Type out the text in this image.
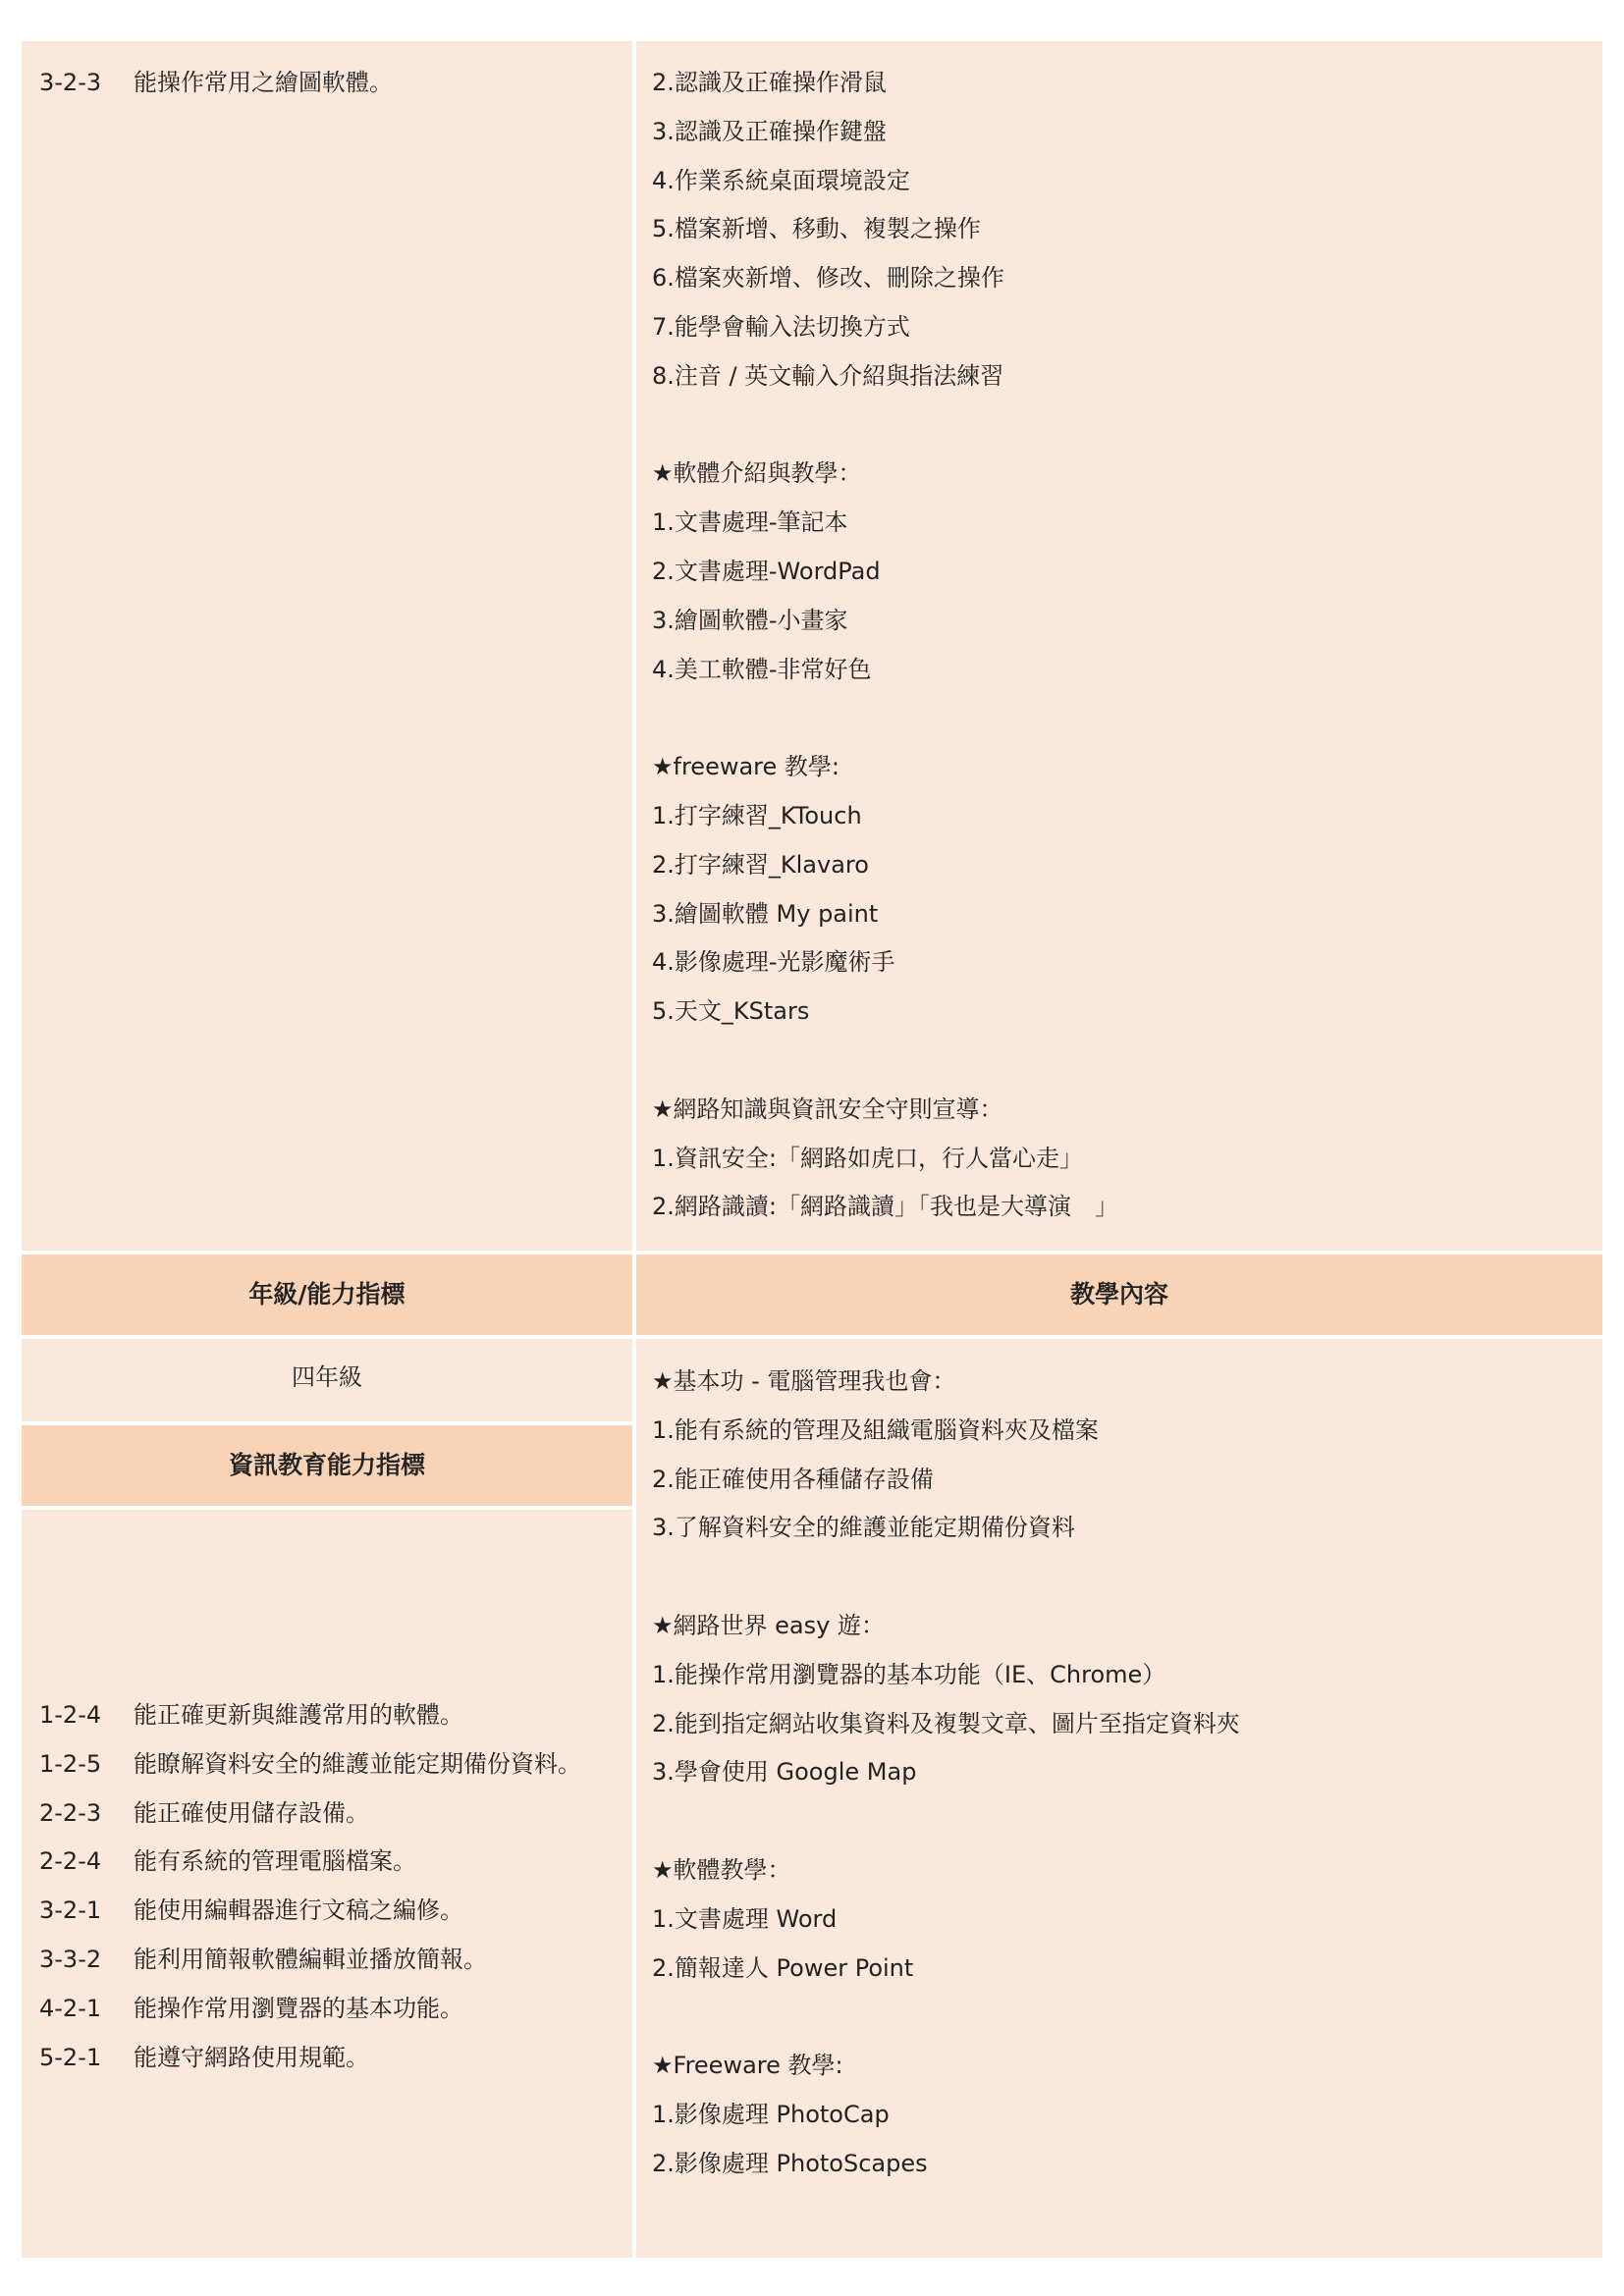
3-2-3 能操作常用之繪圖軟體。	2.認識及正確操作滑鼠
3.認識及正確操作鍵盤
4.作業系統桌面環境設定
5.檔案新增、移動、複製之操作
6.檔案夾新增、修改、刪除之操作
7.能學會輸入法切換方式
8.注音 / 英文輸入介紹與指法練習
★軟體介紹與教學：
1.文書處理-筆記本
2.文書處理-WordPad
3.繪圖軟體-小畫家
4.美工軟體-非常好色
★freeware 教學:
1.打字練習_KTouch
2.打字練習_Klavaro
3.繪圖軟體 My paint
4.影像處理-光影魔術手
5.天文_KStars
★網路知識與資訊安全守則宣導：
1.資訊安全:「網路如虎口，行人當心走」
2.網路識讀:「網路識讀」「我也是大導演　」
年級/能力指標	教學內容
四年級
資訊教育能力指標
1-2-4 能正確更新與維護常用的軟體。
1-2-5 能瞭解資料安全的維護並能定期備份資料。
2-2-3 能正確使用儲存設備。
2-2-4 能有系統的管理電腦檔案。
3-2-1 能使用編輯器進行文稿之編修。
3-3-2 能利用簡報軟體編輯並播放簡報。
4-2-1 能操作常用瀏覽器的基本功能。
5-2-1 能遵守網路使用規範。
★基本功 - 電腦管理我也會：
1.能有系統的管理及組織電腦資料夾及檔案
2.能正確使用各種儲存設備
3.了解資料安全的維護並能定期備份資料
★網路世界 easy 遊：
1.能操作常用瀏覽器的基本功能（IE、Chrome）
2.能到指定網站收集資料及複製文章、圖片至指定資料夾
3.學會使用 Google Map
★軟體教學：
1.文書處理 Word
2.簡報達人 Power Point
★Freeware 教學:
1.影像處理 PhotoCap
2.影像處理 PhotoScapes
